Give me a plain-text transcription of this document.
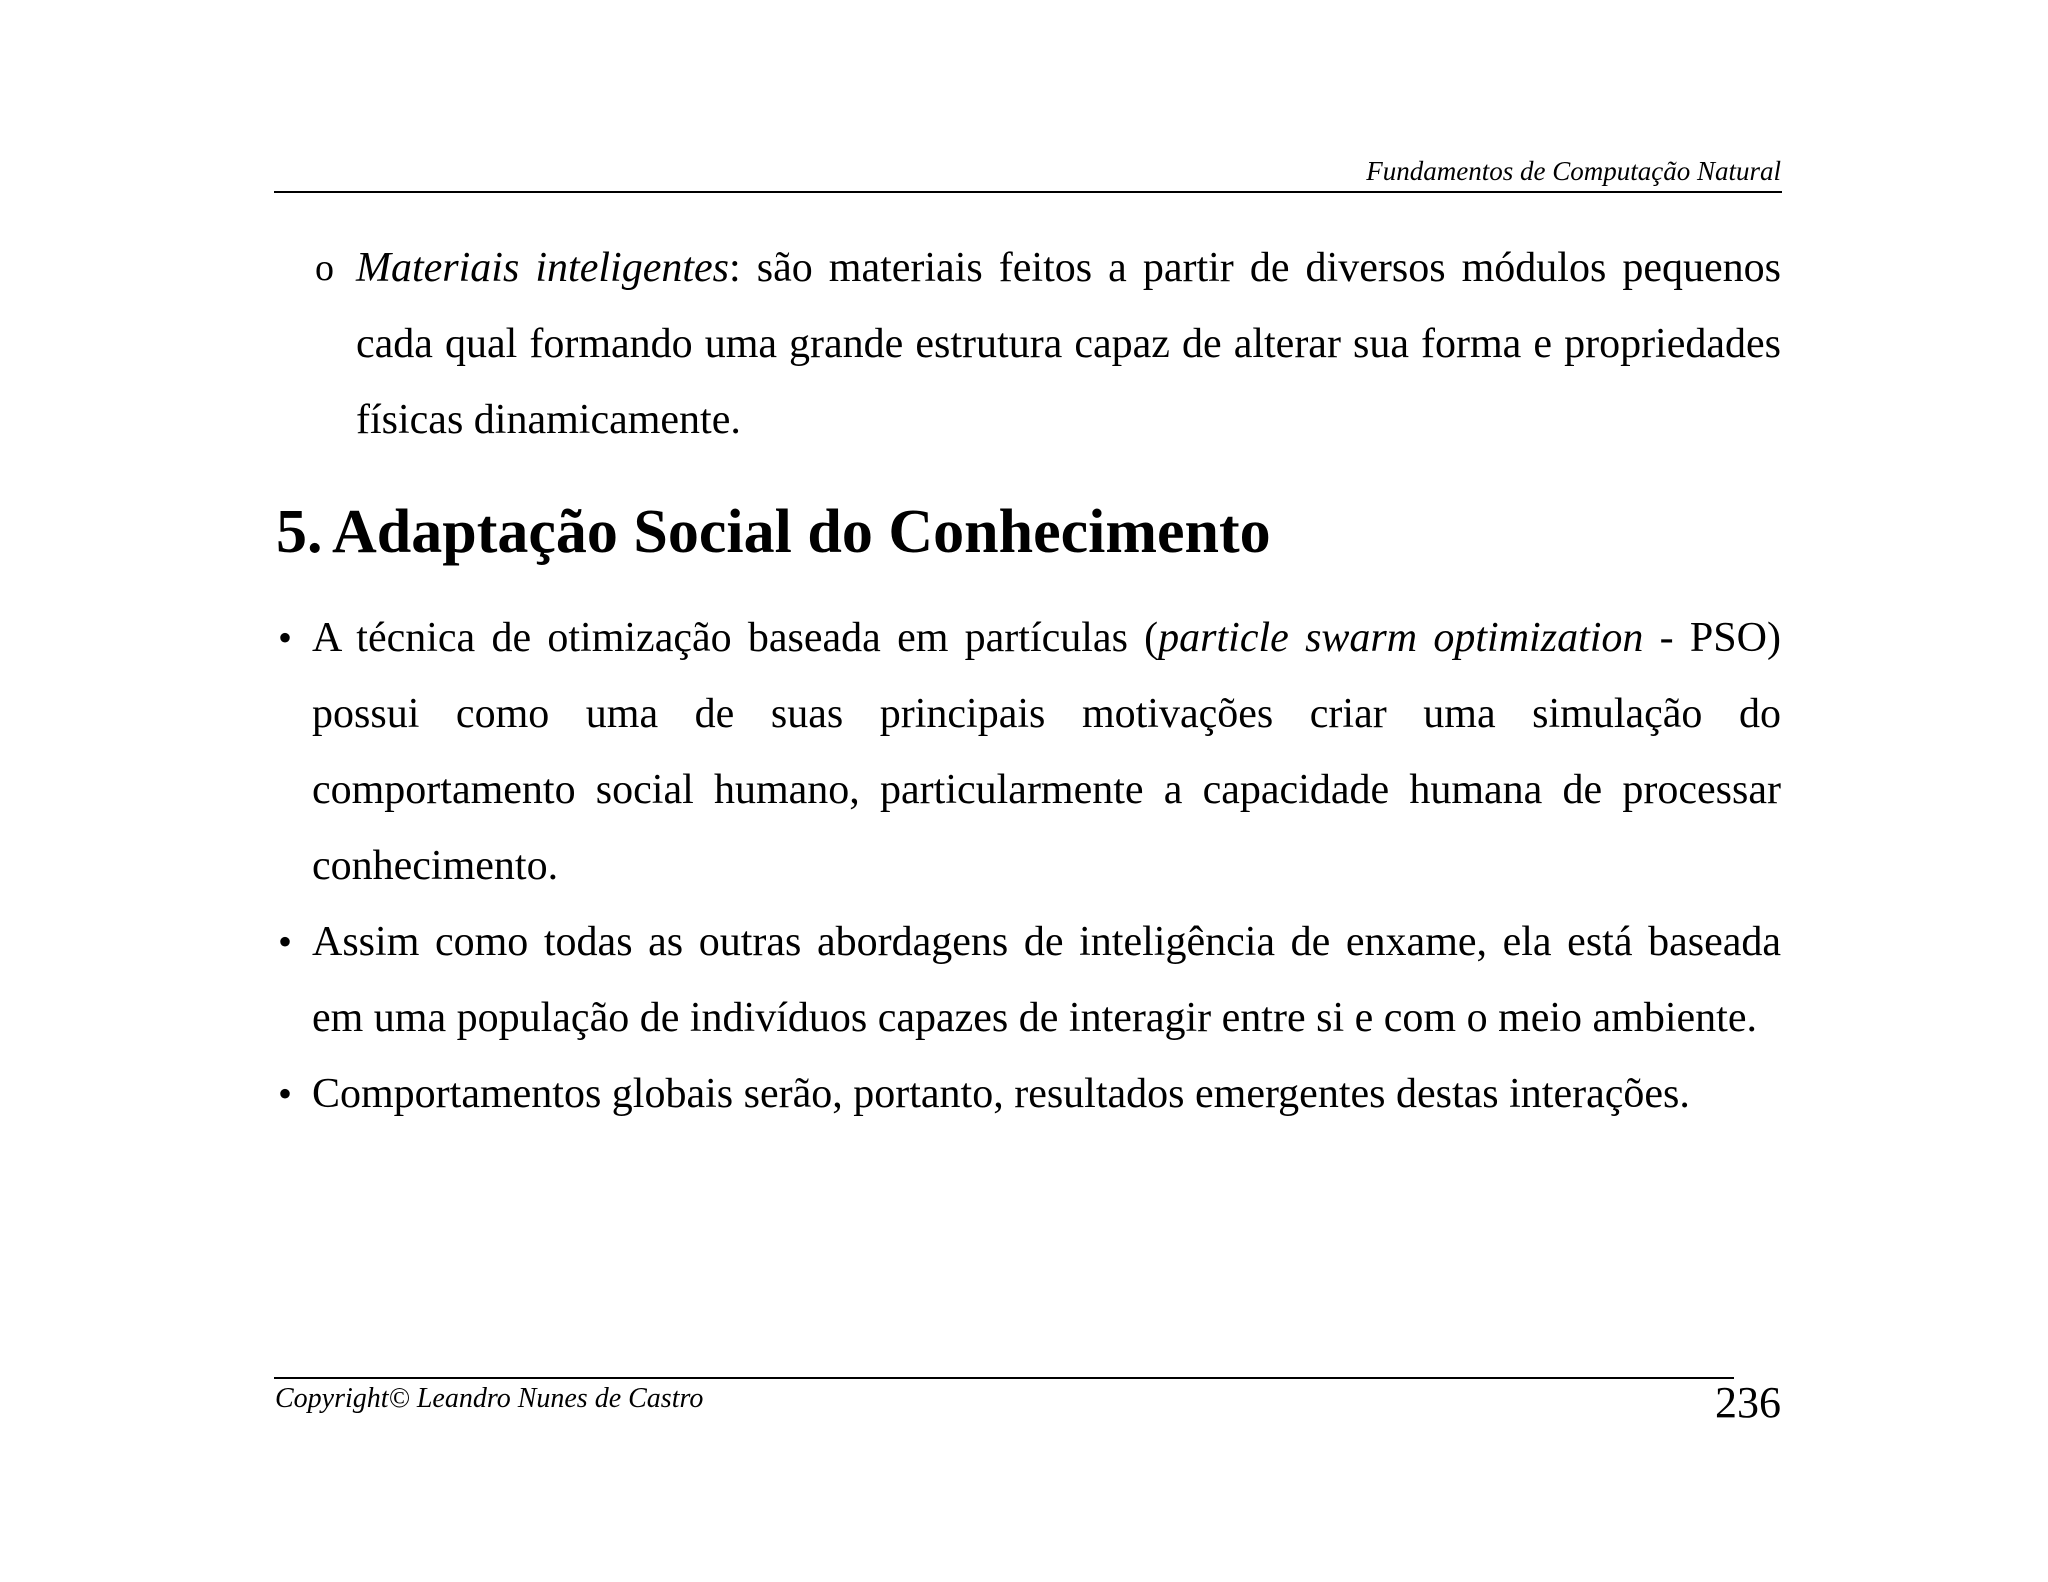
Fundamentos de Computação Natural
o Materiais inteligentes: são materiais feitos a partir de diversos módulos pequenos cada qual formando uma grande estrutura capaz de alterar sua forma e propriedades físicas dinamicamente.
5. Adaptação Social do Conhecimento
• A técnica de otimização baseada em partículas (particle swarm optimization - PSO) possui como uma de suas principais motivações criar uma simulação do comportamento social humano, particularmente a capacidade humana de processar conhecimento.
• Assim como todas as outras abordagens de inteligência de enxame, ela está baseada em uma população de indivíduos capazes de interagir entre si e com o meio ambiente.
• Comportamentos globais serão, portanto, resultados emergentes destas interações.
Copyright© Leandro Nunes de Castro	236
